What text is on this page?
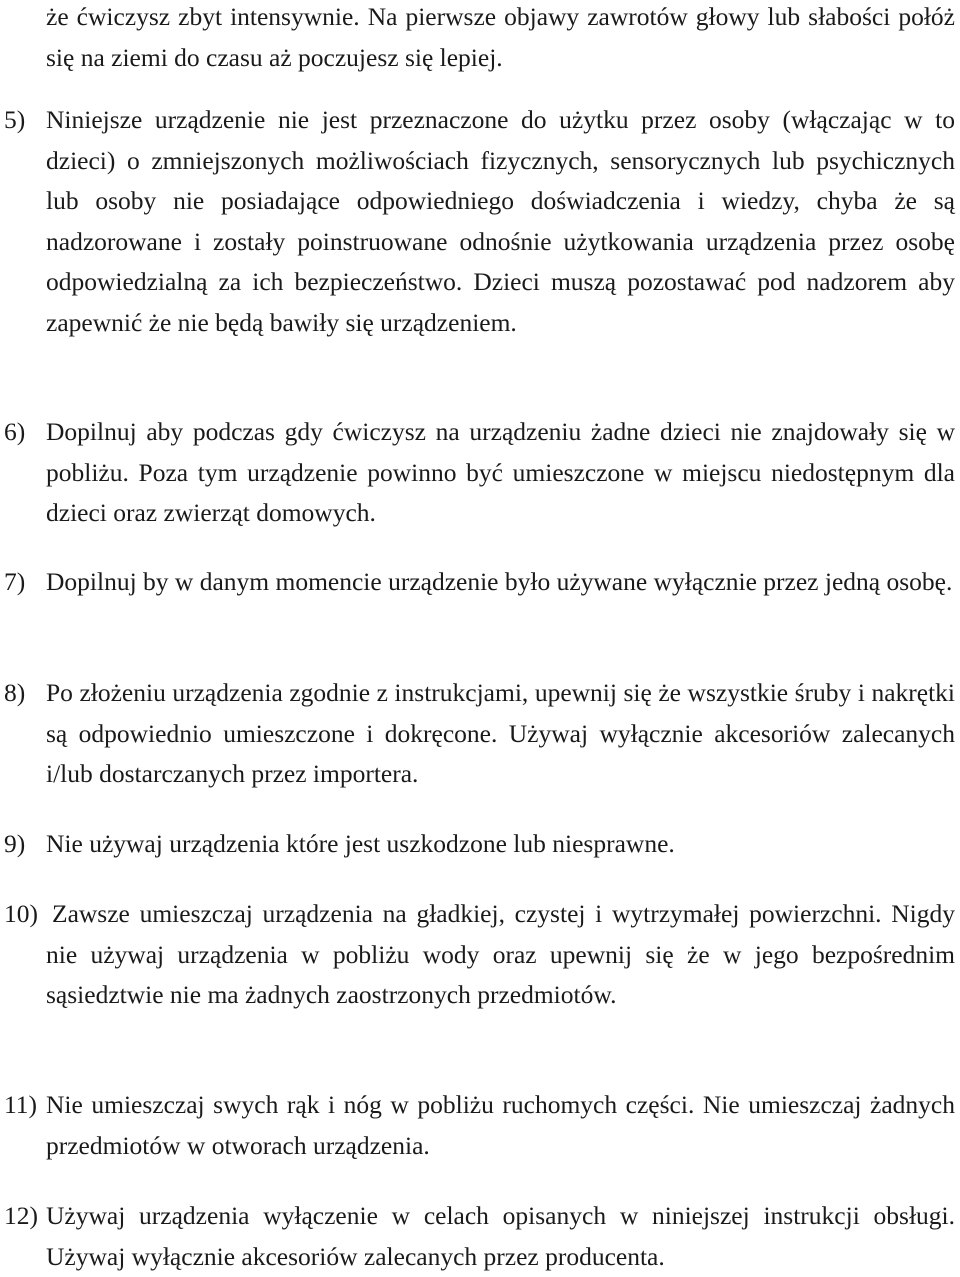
że ćwiczysz zbyt intensywnie. Na pierwsze objawy zawrotów głowy lub słabości połóż się na ziemi do czasu aż poczujesz się lepiej.

5) Niniejsze urządzenie nie jest przeznaczone do użytku przez osoby (włączając w to dzieci) o zmniejszonych możliwościach fizycznych, sensorycznych lub psychicznych lub osoby nie posiadające odpowiedniego doświadczenia i wiedzy, chyba że są nadzorowane i zostały poinstruowane odnośnie użytkowania urządzenia przez osobę odpowiedzialną za ich bezpieczeństwo. Dzieci muszą pozostawać pod nadzorem aby zapewnić że nie będą bawiły się urządzeniem.
6) Dopilnuj aby podczas gdy ćwiczysz na urządzeniu żadne dzieci nie znajdowały się w pobliżu. Poza tym urządzenie powinno być umieszczone w miejscu niedostępnym dla dzieci oraz zwierząt domowych.
7) Dopilnuj by w danym momencie urządzenie było używane wyłącznie przez jedną osobę.
8) Po złożeniu urządzenia zgodnie z instrukcjami, upewnij się że wszystkie śruby i nakrętki są odpowiednio umieszczone i dokręcone. Używaj wyłącznie akcesoriów zalecanych i/lub dostarczanych przez importera.
9) Nie używaj urządzenia które jest uszkodzone lub niesprawne.
10) Zawsze umieszczaj urządzenia na gładkiej, czystej i wytrzymałej powierzchni. Nigdy nie używaj urządzenia w pobliżu wody oraz upewnij się że w jego bezpośrednim sąsiedztwie nie ma żadnych zaostrzonych przedmiotów.
11) Nie umieszczaj swych rąk i nóg w pobliżu ruchomych części. Nie umieszczaj żadnych przedmiotów w otworach urządzenia.
12) Używaj urządzenia wyłączenie w celach opisanych w niniejszej instrukcji obsługi. Używaj wyłącznie akcesoriów zalecanych przez producenta.
